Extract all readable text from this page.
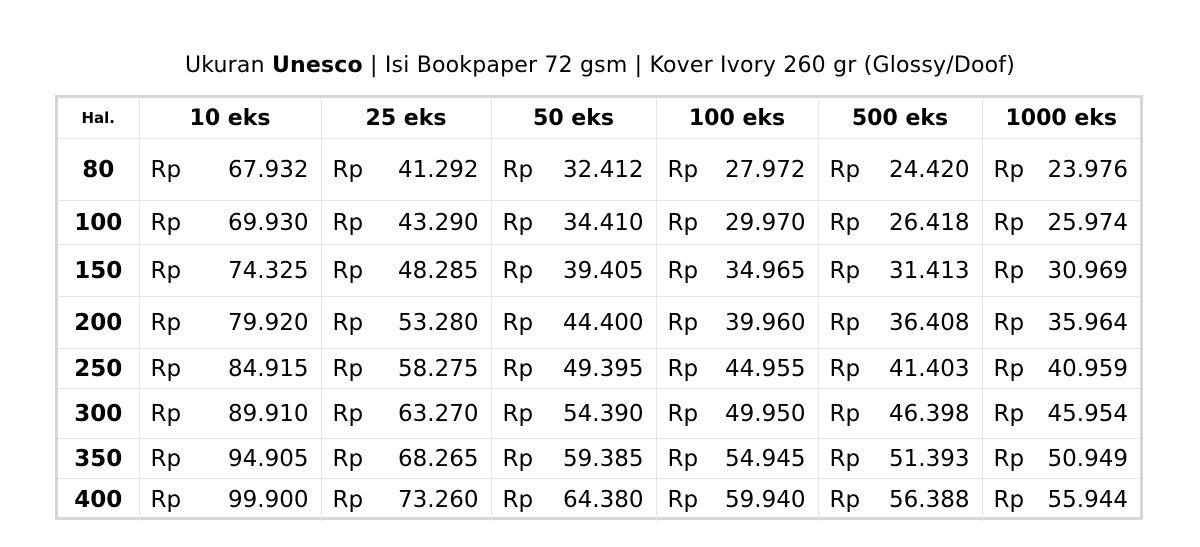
Ukuran Unesco | Isi Bookpaper 72 gsm | Kover Ivory 260 gr (Glossy/Doof)
Hal.	10 eks	25 eks	50 eks	100 eks	500 eks	1000 eks
80	Rp 67.932	Rp 41.292	Rp 32.412	Rp 27.972	Rp 24.420	Rp 23.976

100	Rp 69.930	Rp 43.290	Rp 34.410	Rp 29.970	Rp 26.418	Rp 25.974

150	Rp 74.325	Rp 48.285	Rp 39.405	Rp 34.965	Rp 31.413	Rp 30.969

200	Rp 79.920	Rp 53.280	Rp 44.400	Rp 39.960	Rp 36.408	Rp 35.964

250	Rp 84.915	Rp 58.275	Rp 49.395	Rp 44.955	Rp 41.403	Rp 40.959

300	Rp 89.910	Rp 63.270	Rp 54.390	Rp 49.950	Rp 46.398	Rp 45.954

350	Rp 94.905	Rp 68.265	Rp 59.385	Rp 54.945	Rp 51.393	Rp 50.949

400	Rp 99.900	Rp 73.260	Rp 64.380	Rp 59.940	Rp 56.388	Rp 55.944
